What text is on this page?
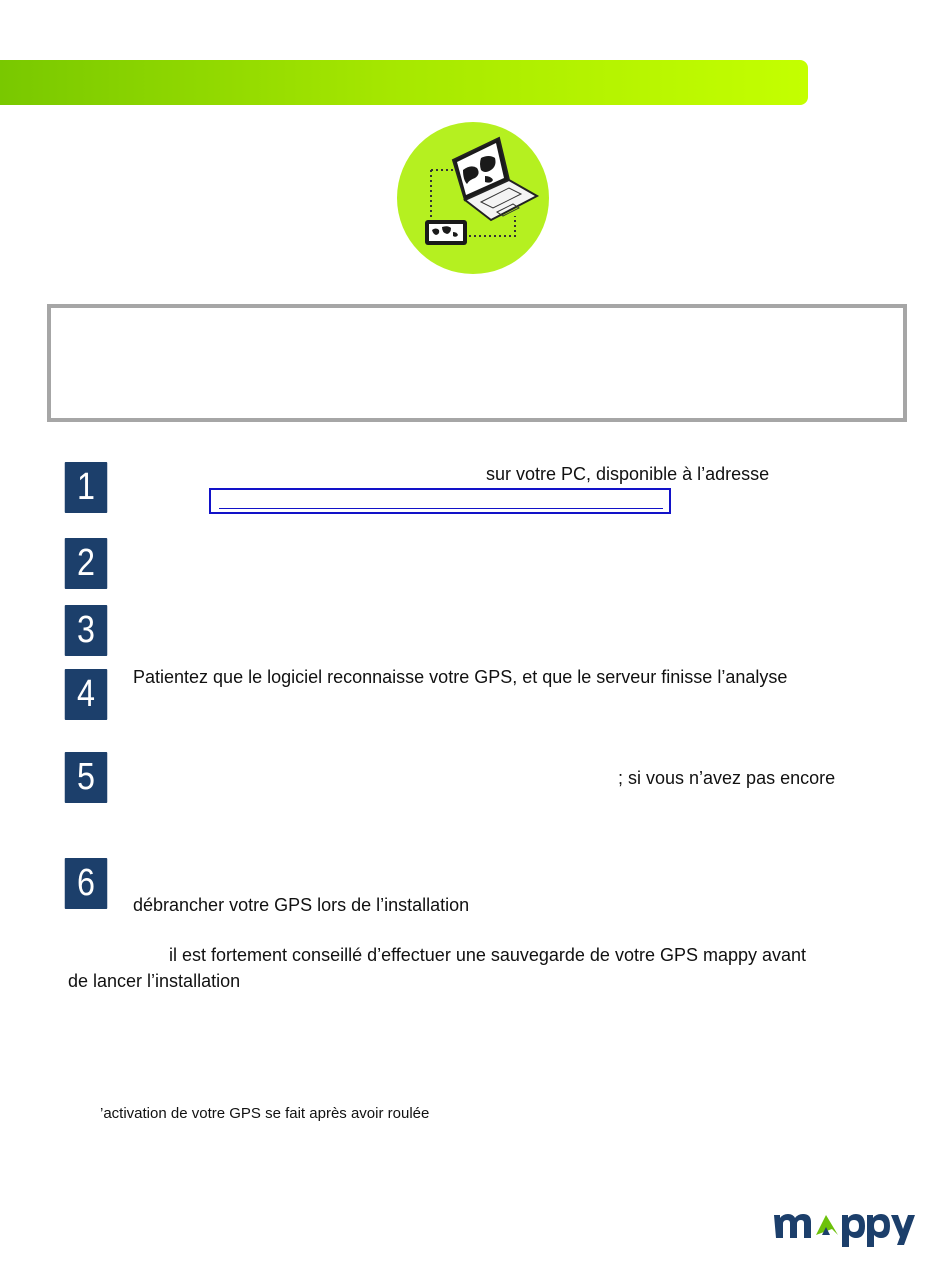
1	sur votre PC, disponible à l’adresse
2
3
4	Patientez que le logiciel reconnaisse votre GPS, et que le serveur finisse l’analyse
5	; si vous n’avez pas encore
6
débrancher votre GPS lors de l’installation
il est fortement conseillé d’effectuer une sauvegarde de votre GPS mappy avant
de lancer l’installation
’activation de votre GPS se fait après avoir roulée
